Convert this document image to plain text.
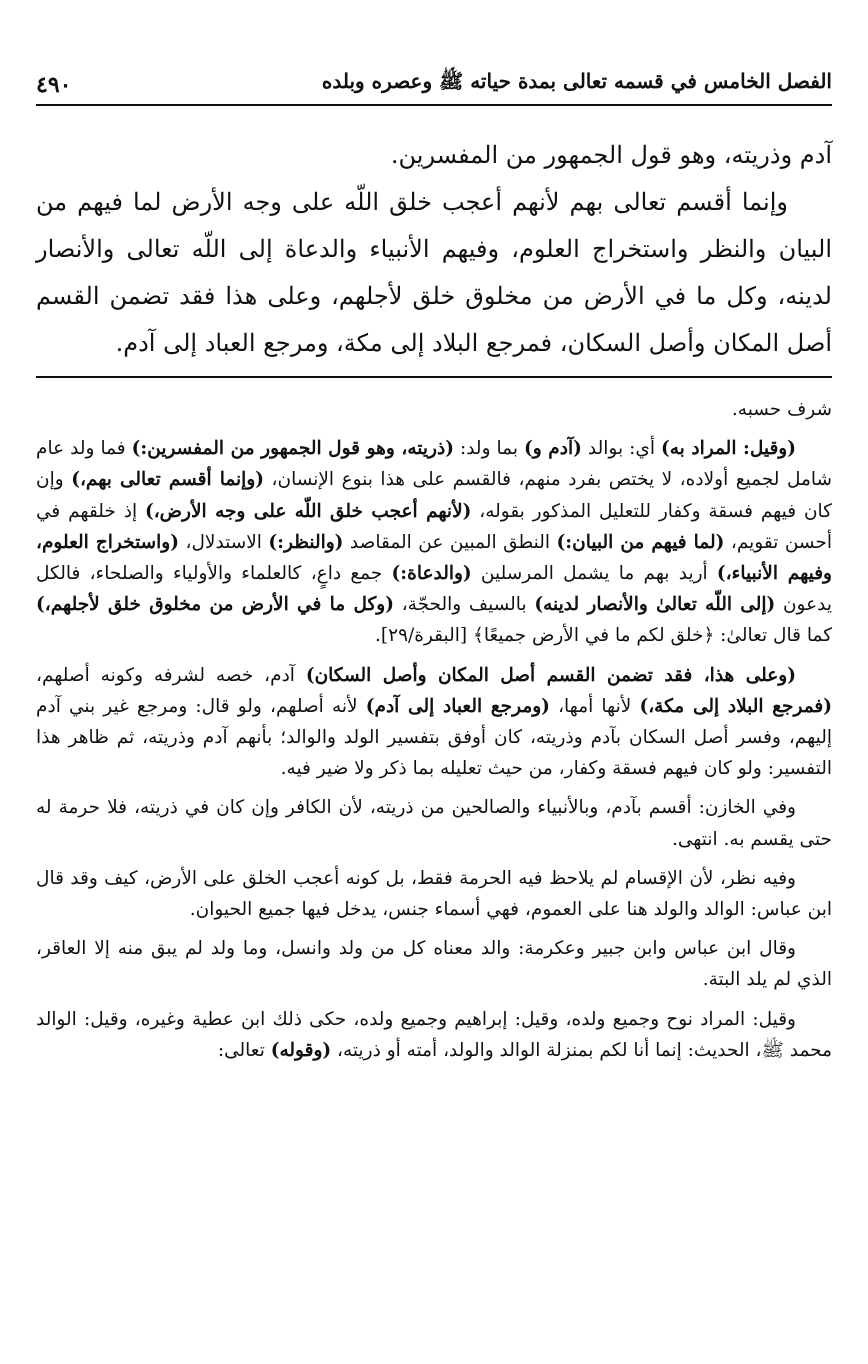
الفصل الخامس في قسمه تعالى بمدة حياته ﷺ وعصره وبلده
٤٩٠

آدم وذريته، وهو قول الجمهور من المفسرين.

وإنما أقسم تعالى بهم لأنهم أعجب خلق اللّه على وجه الأرض لما فيهم من البيان والنظر واستخراج العلوم، وفيهم الأنبياء والدعاة إلى اللّه تعالى والأنصار لدينه، وكل ما في الأرض من مخلوق خلق لأجلهم، وعلى هذا فقد تضمن القسم أصل المكان وأصل السكان، فمرجع البلاد إلى مكة، ومرجع العباد إلى آدم.

شرف حسبه.

(وقيل: المراد به) أي: بوالد (آدم و) بما ولد: (ذريته، وهو قول الجمهور من المفسرين:) فما ولد عام شامل لجميع أولاده، لا يختص بفرد منهم، فالقسم على هذا بنوع الإنسان، (وإنما أقسم تعالى بهم،) وإن كان فيهم فسقة وكفار للتعليل المذكور بقوله، (لأنهم أعجب خلق اللّه على وجه الأرض،) إذ خلقهم في أحسن تقويم، (لما فيهم من البيان:) النطق المبين عن المقاصد (والنظر:) الاستدلال، (واستخراج العلوم، وفيهم الأنبياء،) أريد بهم ما يشمل المرسلين (والدعاة:) جمع داعٍ، كالعلماء والأولياء والصلحاء، فالكل يدعون (إلى اللّه تعالىٰ والأنصار لدينه) بالسيف والحجّة، (وكل ما في الأرض من مخلوق خلق لأجلهم،) كما قال تعالىٰ: ﴿خلق لكم ما في الأرض جميعًا﴾ [البقرة/٢٩].

(وعلى هذا، فقد تضمن القسم أصل المكان وأصل السكان) آدم، خصه لشرفه وكونه أصلهم، (فمرجع البلاد إلى مكة،) لأنها أمها، (ومرجع العباد إلى آدم) لأنه أصلهم، ولو قال: ومرجع غير بني آدم إليهم، وفسر أصل السكان بآدم وذريته، كان أوفق بتفسير الولد والوالد؛ بأنهم آدم وذريته، ثم ظاهر هذا التفسير: ولو كان فيهم فسقة وكفار، من حيث تعليله بما ذكر ولا ضير فيه.

وفي الخازن: أقسم بآدم، وبالأنبياء والصالحين من ذريته، لأن الكافر وإن كان في ذريته، فلا حرمة له حتى يقسم به. انتهى.

وفيه نظر، لأن الإقسام لم يلاحظ فيه الحرمة فقط، بل كونه أعجب الخلق على الأرض، كيف وقد قال ابن عباس: الوالد والولد هنا على العموم، فهي أسماء جنس، يدخل فيها جميع الحيوان.

وقال ابن عباس وابن جبير وعكرمة: والد معناه كل من ولد وانسل، وما ولد لم يبق منه إلا العاقر، الذي لم يلد البتة.

وقيل: المراد نوح وجميع ولده، وقيل: إبراهيم وجميع ولده، حكى ذلك ابن عطية وغيره، وقيل: الوالد محمد ﷺ، الحديث: إنما أنا لكم بمنزلة الوالد والولد، أمته أو ذريته، (وقوله) تعالى:
